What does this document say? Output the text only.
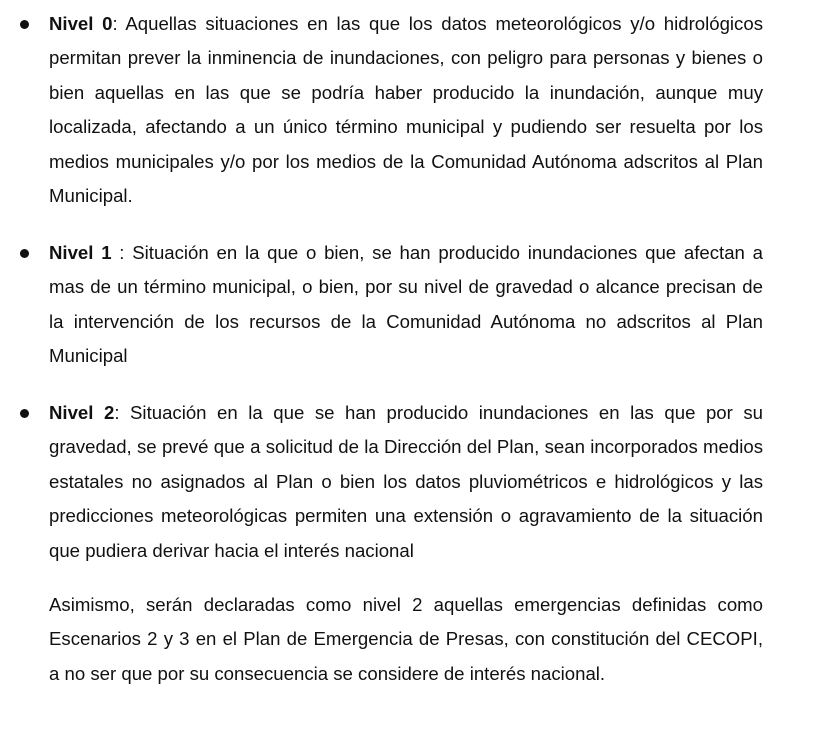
Nivel 0: Aquellas situaciones en las que los datos meteorológicos y/o hidrológicos permitan prever la inminencia de inundaciones, con peligro para personas y bienes o bien aquellas en las que se podría haber producido la inundación, aunque muy localizada, afectando a un único término municipal y pudiendo ser resuelta por los medios municipales y/o por los medios de la Comunidad Autónoma adscritos al Plan Municipal.

Nivel 1 : Situación en la que o bien, se han producido inundaciones que afectan a mas de un término municipal, o bien, por su nivel de gravedad o alcance precisan de la intervención de los recursos de la Comunidad Autónoma no adscritos al Plan Municipal

Nivel 2: Situación en la que se han producido inundaciones en las que por su gravedad, se prevé que a solicitud de la Dirección del Plan, sean incorporados medios estatales no asignados al Plan o bien los datos pluviométricos e hidrológicos y las predicciones meteorológicas permiten una extensión o agravamiento de la situación que pudiera derivar hacia el interés nacional

Asimismo, serán declaradas como nivel 2 aquellas emergencias definidas como Escenarios 2 y 3 en el Plan de Emergencia de Presas, con constitución del CECOPI, a no ser que por su consecuencia se considere de interés nacional.
